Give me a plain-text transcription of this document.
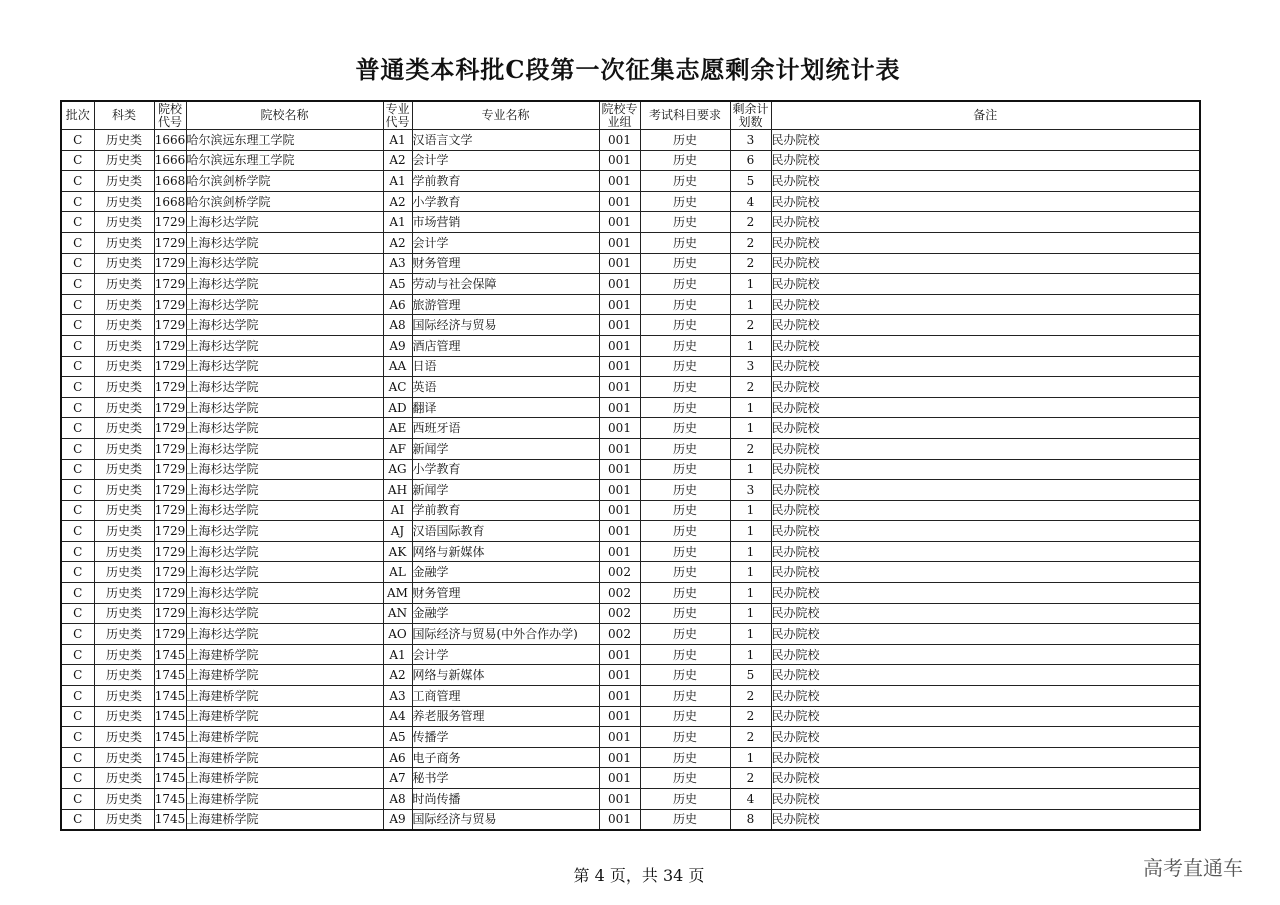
普通类本科批C段第一次征集志愿剩余计划统计表
批次	科类	院校代号	院校名称	专业代号	专业名称	院校专业组	考试科目要求	剩余计划数	备注
C	历史类	1666	哈尔滨远东理工学院	A1	汉语言文学	001	历史	3	民办院校
C	历史类	1666	哈尔滨远东理工学院	A2	会计学	001	历史	6	民办院校
C	历史类	1668	哈尔滨剑桥学院	A1	学前教育	001	历史	5	民办院校
C	历史类	1668	哈尔滨剑桥学院	A2	小学教育	001	历史	4	民办院校
C	历史类	1729	上海杉达学院	A1	市场营销	001	历史	2	民办院校
C	历史类	1729	上海杉达学院	A2	会计学	001	历史	2	民办院校
C	历史类	1729	上海杉达学院	A3	财务管理	001	历史	2	民办院校
C	历史类	1729	上海杉达学院	A5	劳动与社会保障	001	历史	1	民办院校
C	历史类	1729	上海杉达学院	A6	旅游管理	001	历史	1	民办院校
C	历史类	1729	上海杉达学院	A8	国际经济与贸易	001	历史	2	民办院校
C	历史类	1729	上海杉达学院	A9	酒店管理	001	历史	1	民办院校
C	历史类	1729	上海杉达学院	AA	日语	001	历史	3	民办院校
C	历史类	1729	上海杉达学院	AC	英语	001	历史	2	民办院校
C	历史类	1729	上海杉达学院	AD	翻译	001	历史	1	民办院校
C	历史类	1729	上海杉达学院	AE	西班牙语	001	历史	1	民办院校
C	历史类	1729	上海杉达学院	AF	新闻学	001	历史	2	民办院校
C	历史类	1729	上海杉达学院	AG	小学教育	001	历史	1	民办院校
C	历史类	1729	上海杉达学院	AH	新闻学	001	历史	3	民办院校
C	历史类	1729	上海杉达学院	AI	学前教育	001	历史	1	民办院校
C	历史类	1729	上海杉达学院	AJ	汉语国际教育	001	历史	1	民办院校
C	历史类	1729	上海杉达学院	AK	网络与新媒体	001	历史	1	民办院校
C	历史类	1729	上海杉达学院	AL	金融学	002	历史	1	民办院校
C	历史类	1729	上海杉达学院	AM	财务管理	002	历史	1	民办院校
C	历史类	1729	上海杉达学院	AN	金融学	002	历史	1	民办院校
C	历史类	1729	上海杉达学院	AO	国际经济与贸易(中外合作办学)	002	历史	1	民办院校
C	历史类	1745	上海建桥学院	A1	会计学	001	历史	1	民办院校
C	历史类	1745	上海建桥学院	A2	网络与新媒体	001	历史	5	民办院校
C	历史类	1745	上海建桥学院	A3	工商管理	001	历史	2	民办院校
C	历史类	1745	上海建桥学院	A4	养老服务管理	001	历史	2	民办院校
C	历史类	1745	上海建桥学院	A5	传播学	001	历史	2	民办院校
C	历史类	1745	上海建桥学院	A6	电子商务	001	历史	1	民办院校
C	历史类	1745	上海建桥学院	A7	秘书学	001	历史	2	民办院校
C	历史类	1745	上海建桥学院	A8	时尚传播	001	历史	4	民办院校
C	历史类	1745	上海建桥学院	A9	国际经济与贸易	001	历史	8	民办院校
第 4 页，共 34 页	高考直通车
